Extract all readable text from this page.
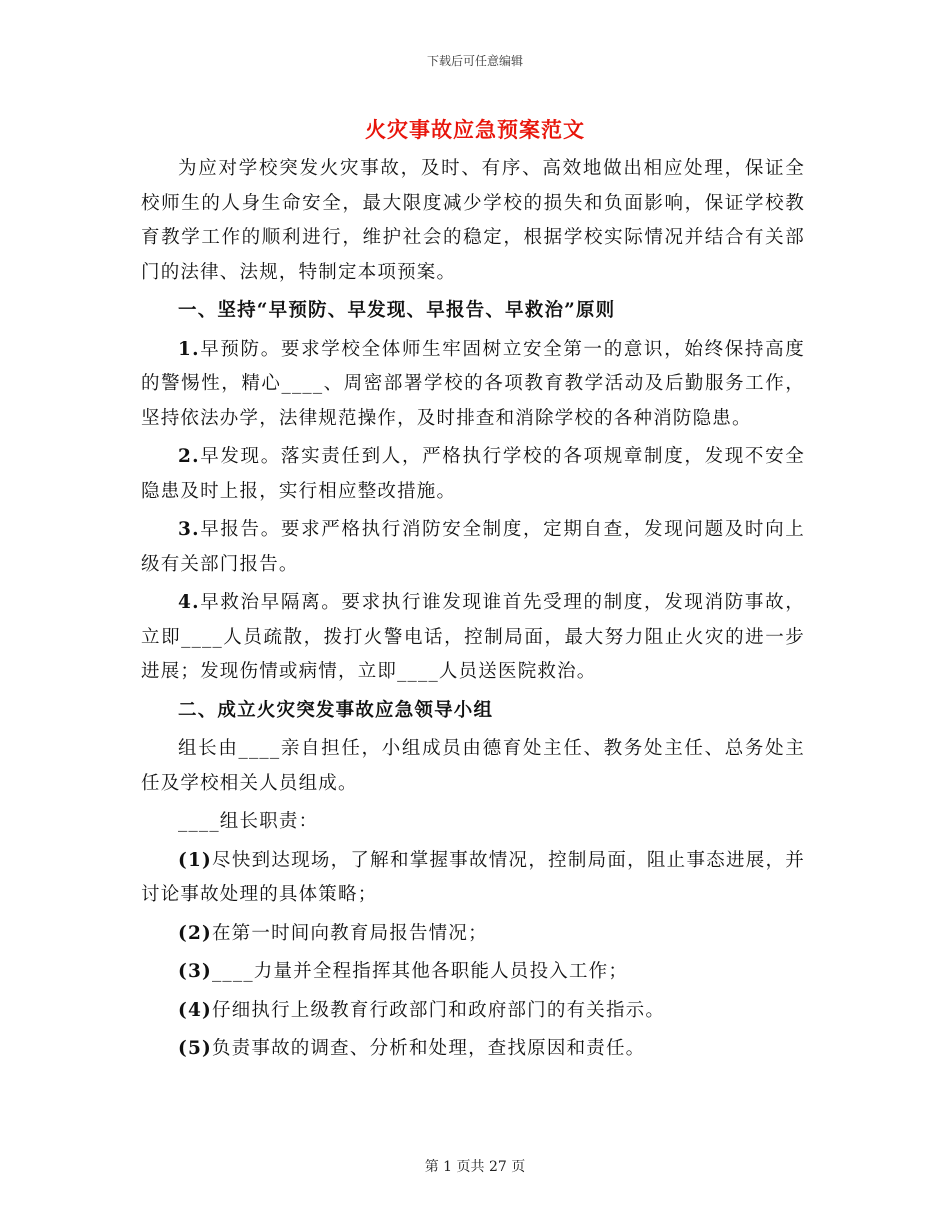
下载后可任意编辑
火灾事故应急预案范文

为应对学校突发火灾事故，及时、有序、高效地做出相应处理，保证全校师生的人身生命安全，最大限度减少学校的损失和负面影响，保证学校教育教学工作的顺利进行，维护社会的稳定，根据学校实际情况并结合有关部门的法律、法规，特制定本项预案。

一、坚持“早预防、早发现、早报告、早救治”原则

1.早预防。要求学校全体师生牢固树立安全第一的意识，始终保持高度的警惕性，精心____、周密部署学校的各项教育教学活动及后勤服务工作，坚持依法办学，法律规范操作，及时排查和消除学校的各种消防隐患。

2.早发现。落实责任到人，严格执行学校的各项规章制度，发现不安全隐患及时上报，实行相应整改措施。

3.早报告。要求严格执行消防安全制度，定期自查，发现问题及时向上级有关部门报告。

4.早救治早隔离。要求执行谁发现谁首先受理的制度，发现消防事故，立即____人员疏散，拨打火警电话，控制局面，最大努力阻止火灾的进一步进展；发现伤情或病情，立即____人员送医院救治。

二、成立火灾突发事故应急领导小组

组长由____亲自担任，小组成员由德育处主任、教务处主任、总务处主任及学校相关人员组成。

____组长职责：

(1)尽快到达现场，了解和掌握事故情况，控制局面，阻止事态进展，并讨论事故处理的具体策略；

(2)在第一时间向教育局报告情况；

(3)____力量并全程指挥其他各职能人员投入工作；

(4)仔细执行上级教育行政部门和政府部门的有关指示。

(5)负责事故的调查、分析和处理，查找原因和责任。

第 1 页共 27 页
